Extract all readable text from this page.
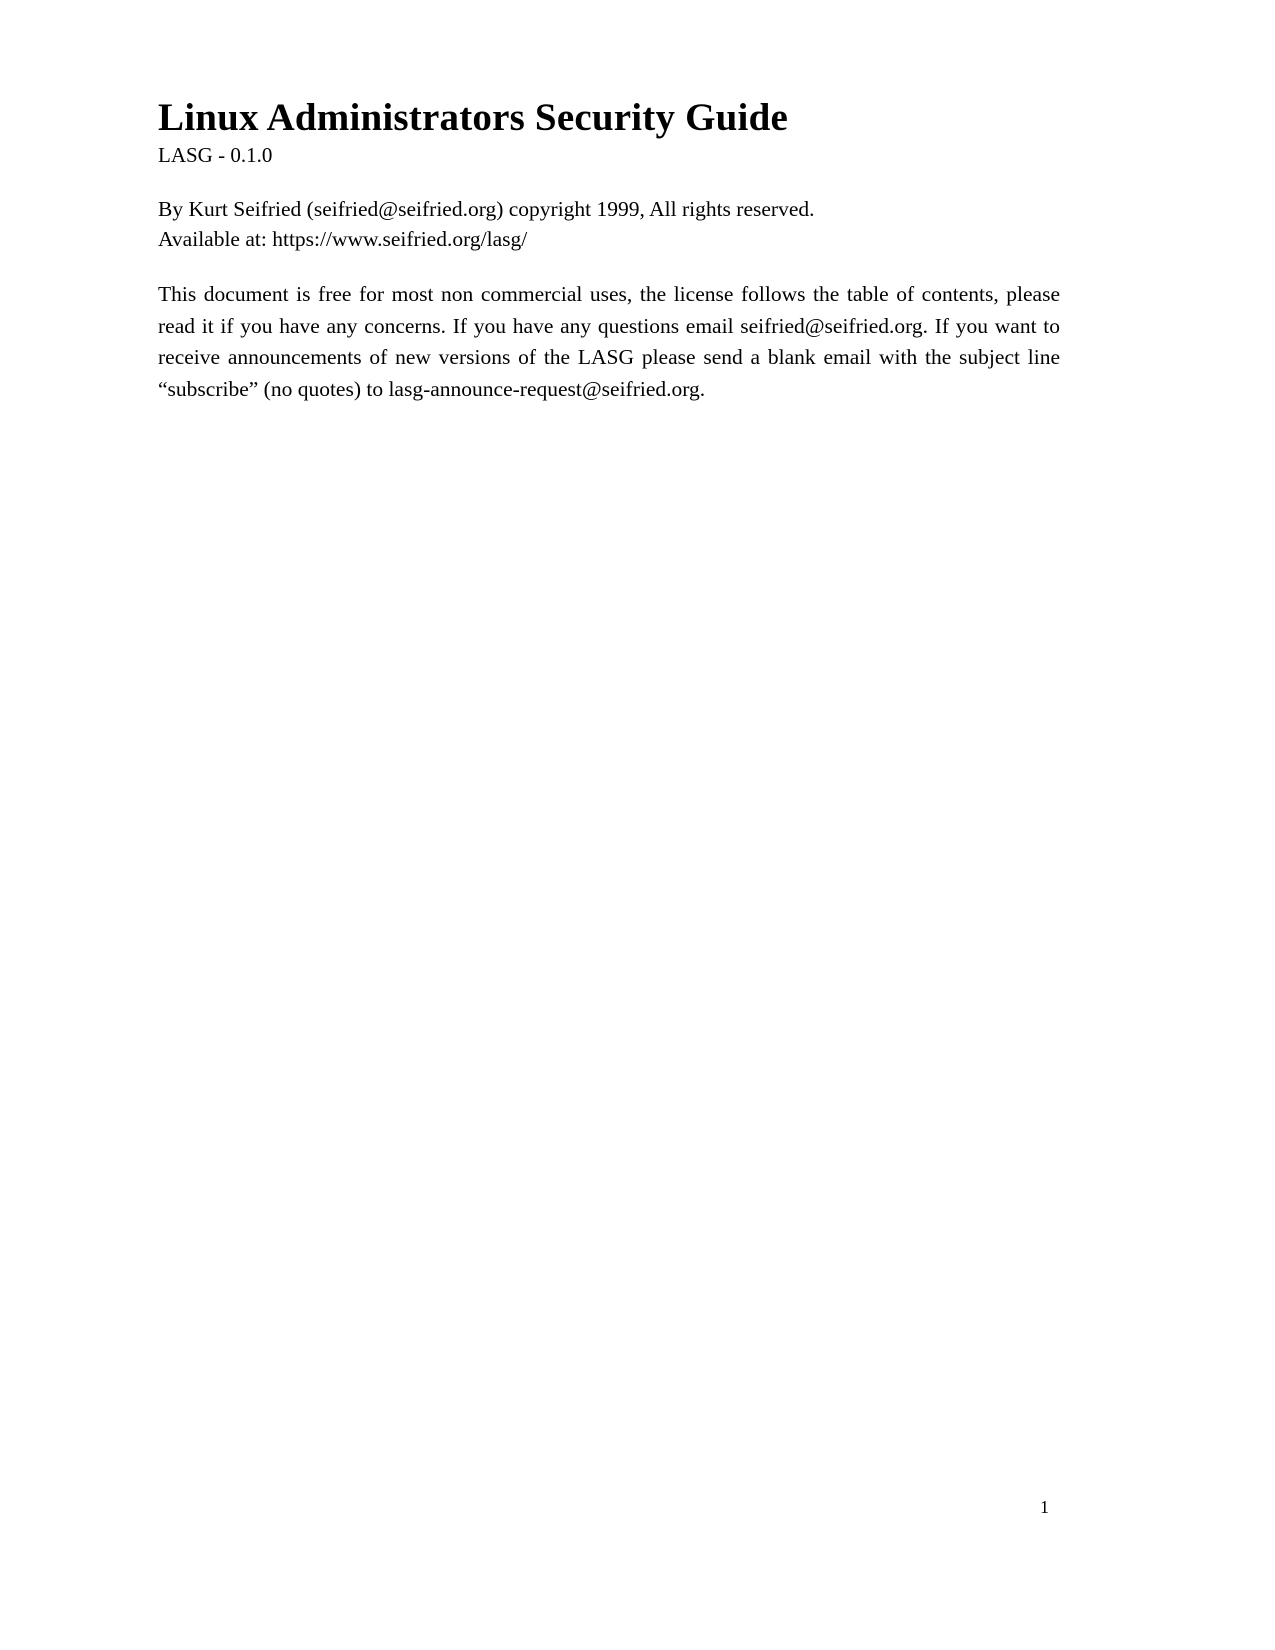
Linux Administrators Security Guide

LASG - 0.1.0

By Kurt Seifried (seifried@seifried.org) copyright 1999, All rights reserved.

Available at: https://www.seifried.org/lasg/

This document is free for most non commercial uses, the license follows the table of contents, please read it if you have any concerns. If you have any questions email seifried@seifried.org. If you want to receive announcements of new versions of the LASG please send a blank email with the subject line “subscribe” (no quotes) to lasg-announce-request@seifried.org.

1
